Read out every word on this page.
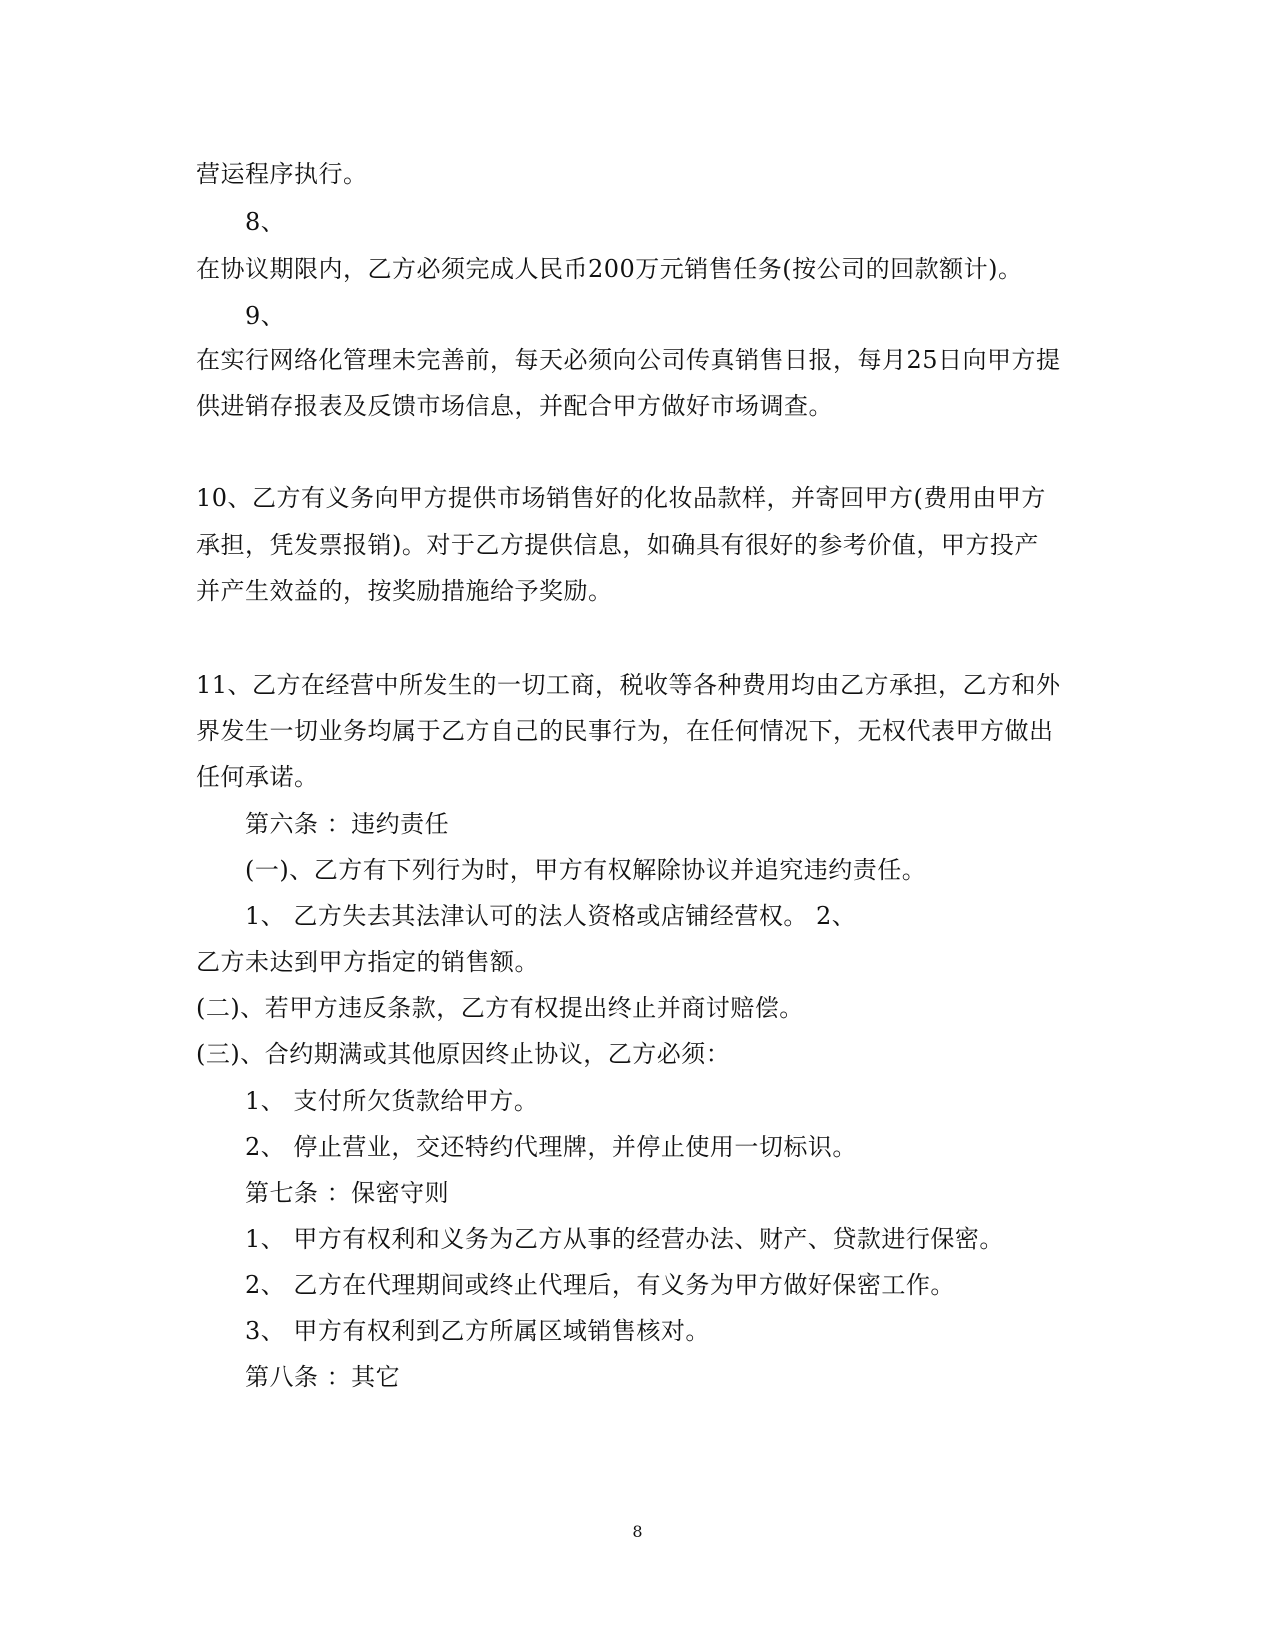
营运程序执行。
8、
在协议期限内，乙方必须完成人民币200万元销售任务(按公司的回款额计)。
9、
在实行网络化管理未完善前，每天必须向公司传真销售日报，每月25日向甲方提
供进销存报表及反馈市场信息，并配合甲方做好市场调查。
10、乙方有义务向甲方提供市场销售好的化妆品款样，并寄回甲方(费用由甲方
承担，凭发票报销)。对于乙方提供信息，如确具有很好的参考价值，甲方投产
并产生效益的，按奖励措施给予奖励。
11、乙方在经营中所发生的一切工商，税收等各种费用均由乙方承担，乙方和外
界发生一切业务均属于乙方自己的民事行为，在任何情况下，无权代表甲方做出
任何承诺。
第六条 ：违约责任
(一)、乙方有下列行为时，甲方有权解除协议并追究违约责任。
1、 乙方失去其法津认可的法人资格或店铺经营权。 2、
乙方未达到甲方指定的销售额。
(二)、若甲方违反条款，乙方有权提出终止并商讨赔偿。
(三)、合约期满或其他原因终止协议，乙方必须：
1、 支付所欠货款给甲方。
2、 停止营业，交还特约代理牌，并停止使用一切标识。
第七条 ：保密守则
1、 甲方有权利和义务为乙方从事的经营办法、财产、贷款进行保密。
2、 乙方在代理期间或终止代理后，有义务为甲方做好保密工作。
3、 甲方有权利到乙方所属区域销售核对。
第八条 ：其它
8
